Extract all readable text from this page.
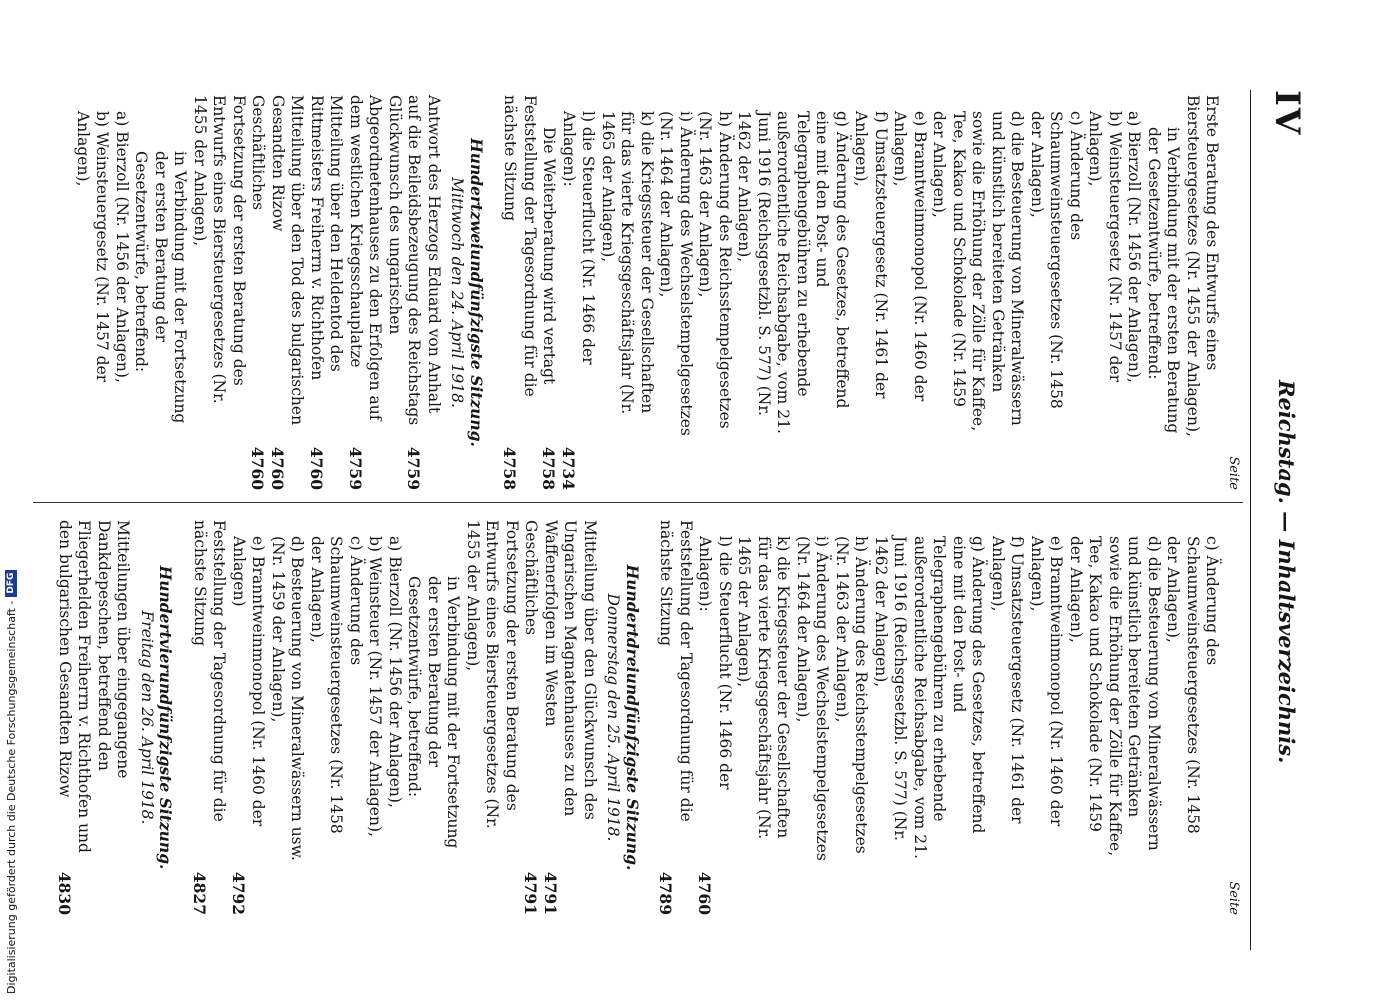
IV
Reichstag. — Inhaltsverzeichnis.
Seite
Erste Beratung des Entwurfs eines Biersteuergesetzes (Nr. 1455 der Anlagen),
in Verbindung mit der ersten Beratung der Gesetzentwürfe, betreffend:
a) Bierzoll (Nr. 1456 der Anlagen),
b) Weinsteuergesetz (Nr. 1457 der Anlagen),
c) Änderung des Schaumweinsteuergesetzes (Nr. 1458 der Anlagen),
d) die Besteuerung von Mineralwässern und künstlich bereiteten Getränken sowie die Erhöhung der Zölle für Kaffee, Tee, Kakao und Schokolade (Nr. 1459 der Anlagen),
e) Branntweinmonopol (Nr. 1460 der Anlagen),
f) Umsatzsteuergesetz (Nr. 1461 der Anlagen),
g) Änderung des Gesetzes, betreffend eine mit den Post- und Telegraphengebühren zu erhebende außerordentliche Reichsabgabe, vom 21. Juni 1916 (Reichsgesetzbl. S. 577) (Nr. 1462 der Anlagen),
h) Änderung des Reichsstempelgesetzes (Nr. 1463 der Anlagen),
i) Änderung des Wechselstempelgesetzes (Nr. 1464 der Anlagen),
k) die Kriegssteuer der Gesellschaften für das vierte Kriegsgeschäftsjahr (Nr. 1465 der Anlagen),
l) die Steuerflucht (Nr. 1466 der Anlagen):
4734
Die Weiterberatung wird vertagt
4758
Feststellung der Tagesordnung für die nächste Sitzung
4758
Hundertzweiundfünfzigste Sitzung.
Mittwoch den 24. April 1918.
Antwort des Herzogs Eduard von Anhalt auf die Beileidsbezeugung des Reichstags
4759
Glückwunsch des ungarischen Abgeordnetenhauses zu den Erfolgen auf dem westlichen Kriegsschauplatze
4759
Mitteilung über den Heldentod des Rittmeisters Freiherrn v. Richthofen
4760
Mitteilung über den Tod des bulgarischen Gesandten Rizow
4760
Geschäftliches
4760
Fortsetzung der ersten Beratung des Entwurfs eines Biersteuergesetzes (Nr. 1455 der Anlagen),
in Verbindung mit der Fortsetzung der ersten Beratung der Gesetzentwürfe, betreffend:
a) Bierzoll (Nr. 1456 der Anlagen),
b) Weinsteuergesetz (Nr. 1457 der Anlagen),
Seite
c) Änderung des Schaumweinsteuergesetzes (Nr. 1458 der Anlagen),
d) die Besteuerung von Mineralwässern und künstlich bereiteten Getränken sowie die Erhöhung der Zölle für Kaffee, Tee, Kakao und Schokolade (Nr. 1459 der Anlagen),
e) Branntweinmonopol (Nr. 1460 der Anlagen),
f) Umsatzsteuergesetz (Nr. 1461 der Anlagen),
g) Änderung des Gesetzes, betreffend eine mit den Post- und Telegraphengebühren zu erhebende außerordentliche Reichsabgabe, vom 21. Juni 1916 (Reichsgesetzbl. S. 577) (Nr. 1462 der Anlagen),
h) Änderung des Reichsstempelgesetzes (Nr. 1463 der Anlagen),
i) Änderung des Wechselstempelgesetzes (Nr. 1464 der Anlagen),
k) die Kriegssteuer der Gesellschaften für das vierte Kriegsgeschäftsjahr (Nr. 1465 der Anlagen),
l) die Steuerflucht (Nr. 1466 der Anlagen):
4760
Feststellung der Tagesordnung für die nächste Sitzung
4789
Hundertdreiundfünfzigste Sitzung.
Donnerstag den 25. April 1918.
Mitteilung über den Glückwunsch des Ungarischen Magnatenhauses zu den Waffenerfolgen im Westen
4791
Geschäftliches
4791
Fortsetzung der ersten Beratung des Entwurfs eines Biersteuergesetzes (Nr. 1455 der Anlagen),
in Verbindung mit der Fortsetzung der ersten Beratung der Gesetzentwürfe, betreffend:
a) Bierzoll (Nr. 1456 der Anlagen),
b) Weinsteuer (Nr. 1457 der Anlagen),
c) Änderung des Schaumweinsteuergesetzes (Nr. 1458 der Anlagen),
d) Besteuerung von Mineralwässern usw. (Nr. 1459 der Anlagen),
e) Branntweinmonopol (Nr. 1460 der Anlagen)
4792
Feststellung der Tagesordnung für die nächste Sitzung
4827
Hundertvierundfünfzigste Sitzung.
Freitag den 26. April 1918.
Mitteilungen über eingegangene Dankdepeschen, betreffend den Fliegerhelden Freiherrn v. Richthofen und den bulgarischen Gesandten Rizow
4830
Digitalisierung gefördert durch die Deutsche Forschungsgemeinschaft -
DFG
